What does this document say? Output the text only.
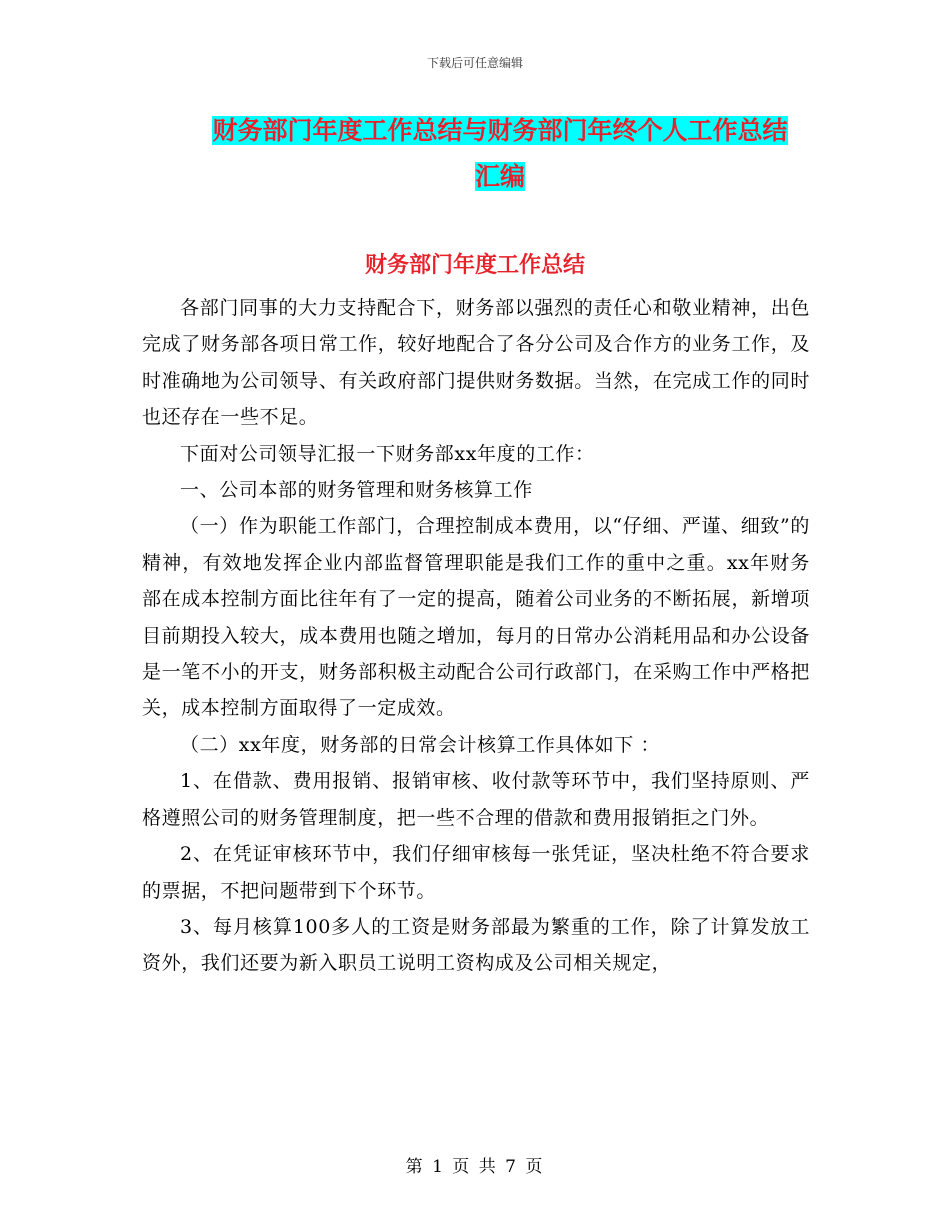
下载后可任意编辑
财务部门年度工作总结与财务部门年终个人工作总结
汇编
财务部门年度工作总结

各部门同事的大力支持配合下，财务部以强烈的责任心和敬业精神，出色完成了财务部各项日常工作，较好地配合了各分公司及合作方的业务工作，及时准确地为公司领导、有关政府部门提供财务数据。当然，在完成工作的同时也还存在一些不足。

下面对公司领导汇报一下财务部xx年度的工作：

一、公司本部的财务管理和财务核算工作

（一）作为职能工作部门，合理控制成本费用，以“仔细、严谨、细致”的精神，有效地发挥企业内部监督管理职能是我们工作的重中之重。xx年财务部在成本控制方面比往年有了一定的提高，随着公司业务的不断拓展，新增项目前期投入较大，成本费用也随之增加，每月的日常办公消耗用品和办公设备是一笔不小的开支，财务部积极主动配合公司行政部门，在采购工作中严格把关，成本控制方面取得了一定成效。

（二）xx年度，财务部的日常会计核算工作具体如下 ：

1、在借款、费用报销、报销审核、收付款等环节中，我们坚持原则、严格遵照公司的财务管理制度，把一些不合理的借款和费用报销拒之门外。

2、在凭证审核环节中，我们仔细审核每一张凭证，坚决杜绝不符合要求的票据，不把问题带到下个环节。

3、每月核算100多人的工资是财务部最为繁重的工作，除了计算发放工资外，我们还要为新入职员工说明工资构成及公司相关规定，

第 1 页 共 7 页
